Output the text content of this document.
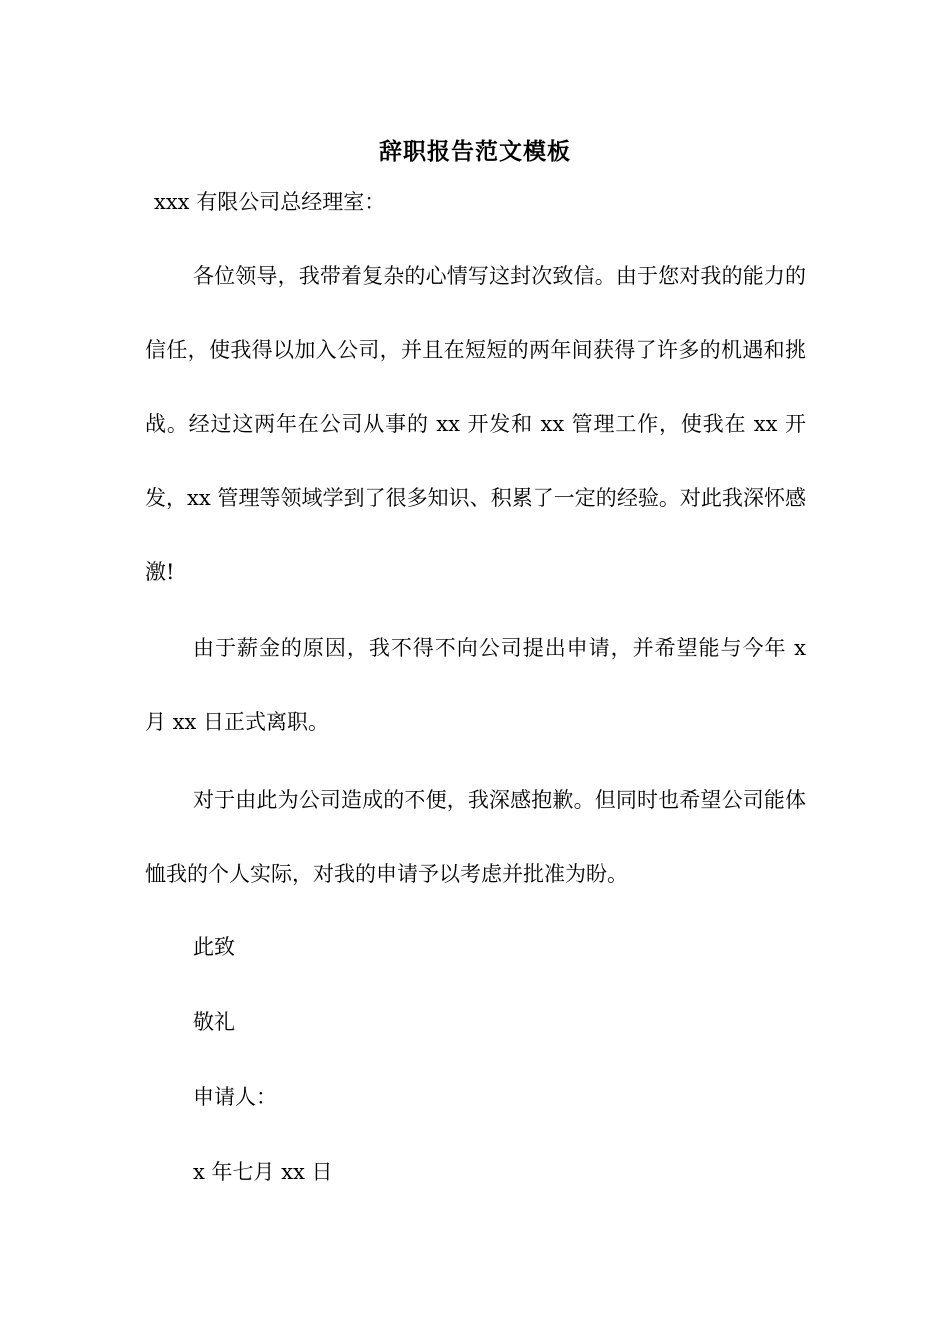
辞职报告范文模板
xxx 有限公司总经理室：

各位领导，我带着复杂的心情写这封次致信。由于您对我的能力的信任，使我得以加入公司，并且在短短的两年间获得了许多的机遇和挑战。经过这两年在公司从事的 xx 开发和 xx 管理工作，使我在 xx 开发，xx 管理等领域学到了很多知识、积累了一定的经验。对此我深怀感激!

由于薪金的原因，我不得不向公司提出申请，并希望能与今年 x 月 xx 日正式离职。

对于由此为公司造成的不便，我深感抱歉。但同时也希望公司能体恤我的个人实际，对我的申请予以考虑并批准为盼。

此致
敬礼
申请人：
x 年七月 xx 日
